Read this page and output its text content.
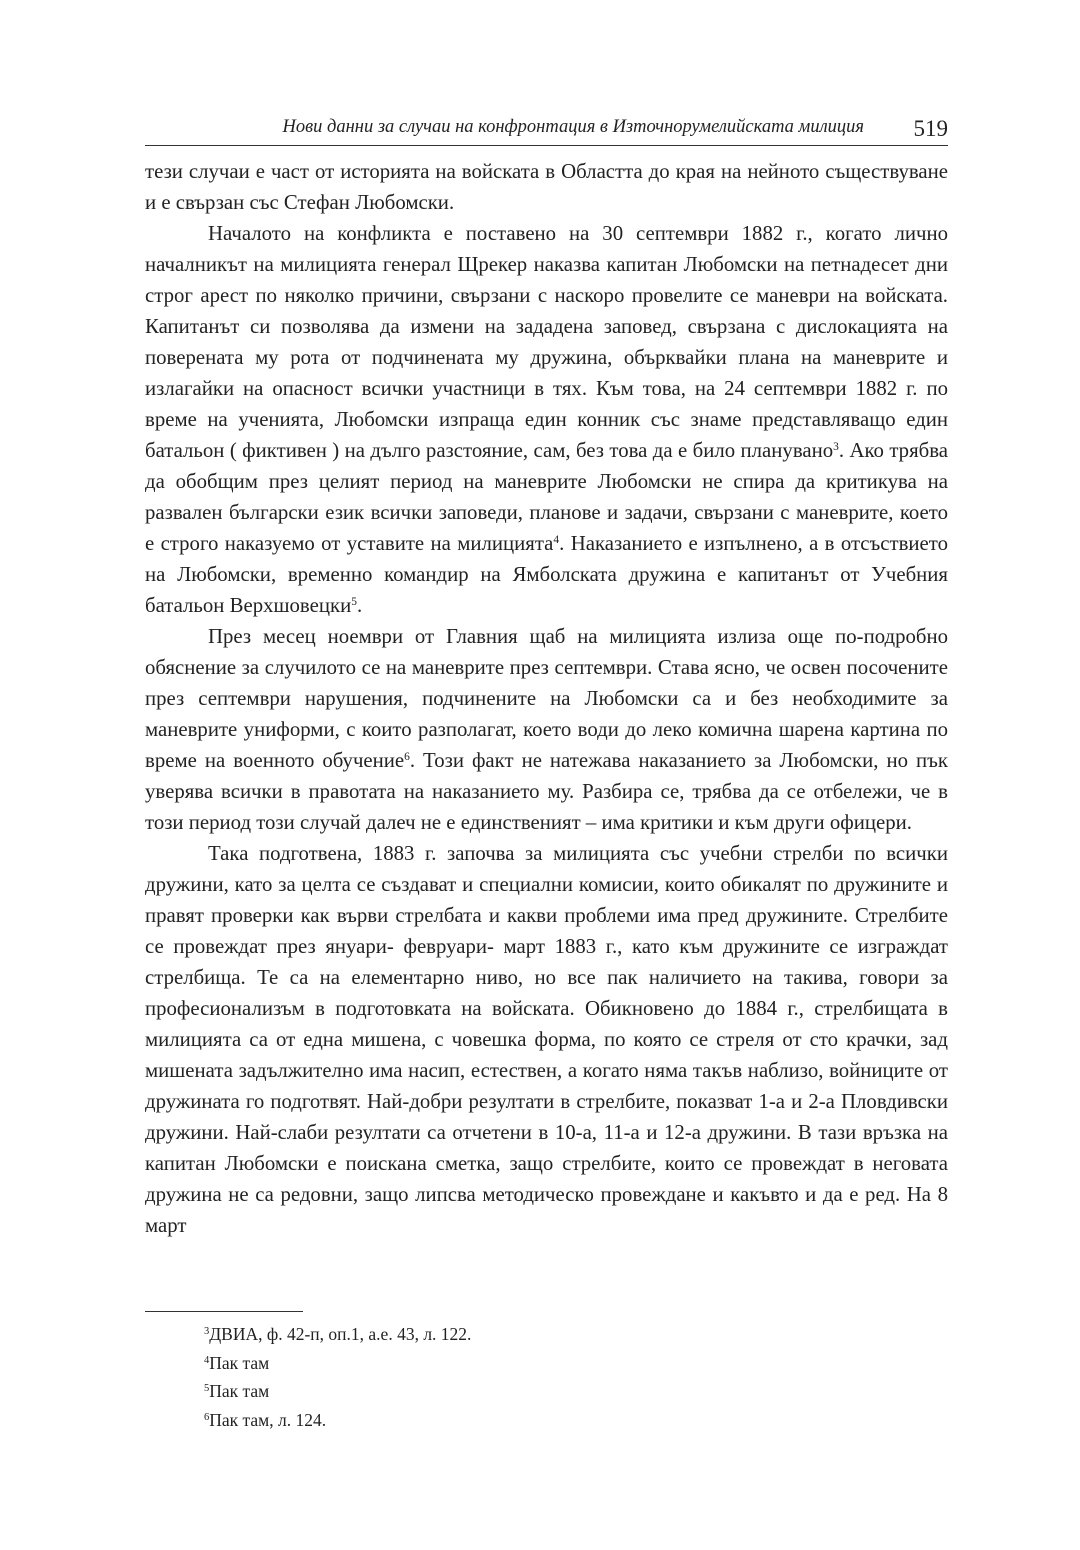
Нови данни за случаи на конфронтация в Източнорумелийската милиция 519

тези случаи е част от историята на войската в Областта до края на нейното съществуване и е свързан със Стефан Любомски.

Началото на конфликта е поставено на 30 септември 1882 г., когато лично началникът на милицията генерал Щрекер наказва капитан Любомски на петнадесет дни строг арест по няколко причини, свързани с наскоро провелите се маневри на войската. Капитанът си позволява да измени на зададена заповед, свързана с дислокацията на поверената му рота от подчинената му дружина, обърквайки плана на маневрите и излагайки на опасност всички участници в тях. Към това, на 24 септември 1882 г. по време на ученията, Любомски изпраща един конник със знаме представляващо един батальон ( фиктивен ) на дълго разстояние, сам, без това да е било планувано$^3$. Ако трябва да обобщим през целият период на маневрите Любомски не спира да критикува на развален български език всички заповеди, планове и задачи, свързани с маневрите, което е строго наказуемо от уставите на милицията$^4$. Наказанието е изпълнено, а в отсъствието на Любомски, временно командир на Ямболската дружина е капитанът от Учебния батальон Верхшовецки$^5$.

През месец ноември от Главния щаб на милицията излиза още по-подробно обяснение за случилото се на маневрите през септември. Става ясно, че освен посочените през септември нарушения, подчинените на Любомски са и без необходимите за маневрите униформи, с които разполагат, което води до леко комична шарена картина по време на военното обучение$^6$. Този факт не натежава наказанието за Любомски, но пък уверява всички в правотата на наказанието му. Разбира се, трябва да се отбележи, че в този период този случай далеч не е единственият – има критики и към други офицери.

Така подготвена, 1883 г. започва за милицията със учебни стрелби по всички дружини, като за целта се създават и специални комисии, които обикалят по дружините и правят проверки как върви стрелбата и какви проблеми има пред дружините. Стрелбите се провеждат през януари- февруари- март 1883 г., като към дружините се изграждат стрелбища. Те са на елементарно ниво, но все пак наличието на такива, говори за професионализъм в подготовката на войската. Обикновено до 1884 г., стрелбищата в милицията са от една мишена, с човешка форма, по която се стреля от сто крачки, зад мишената задължително има насип, естествен, а когато няма такъв наблизо, войниците от дружината го подготвят. Най-добри резултати в стрелбите, показват 1-а и 2-а Пловдивски дружини. Най-слаби резултати са отчетени в 10-а, 11-а и 12-а дружини. В тази връзка на капитан Любомски е поискана сметка, защо стрелбите, които се провеждат в неговата дружина не са редовни, защо липсва методическо провеждане и какъвто и да е ред. На 8 март

$^3$ДВИА, ф. 42-п, оп.1, а.е. 43, л. 122.
$^4$Пак там
$^5$Пак там
$^6$Пак там, л. 124.
